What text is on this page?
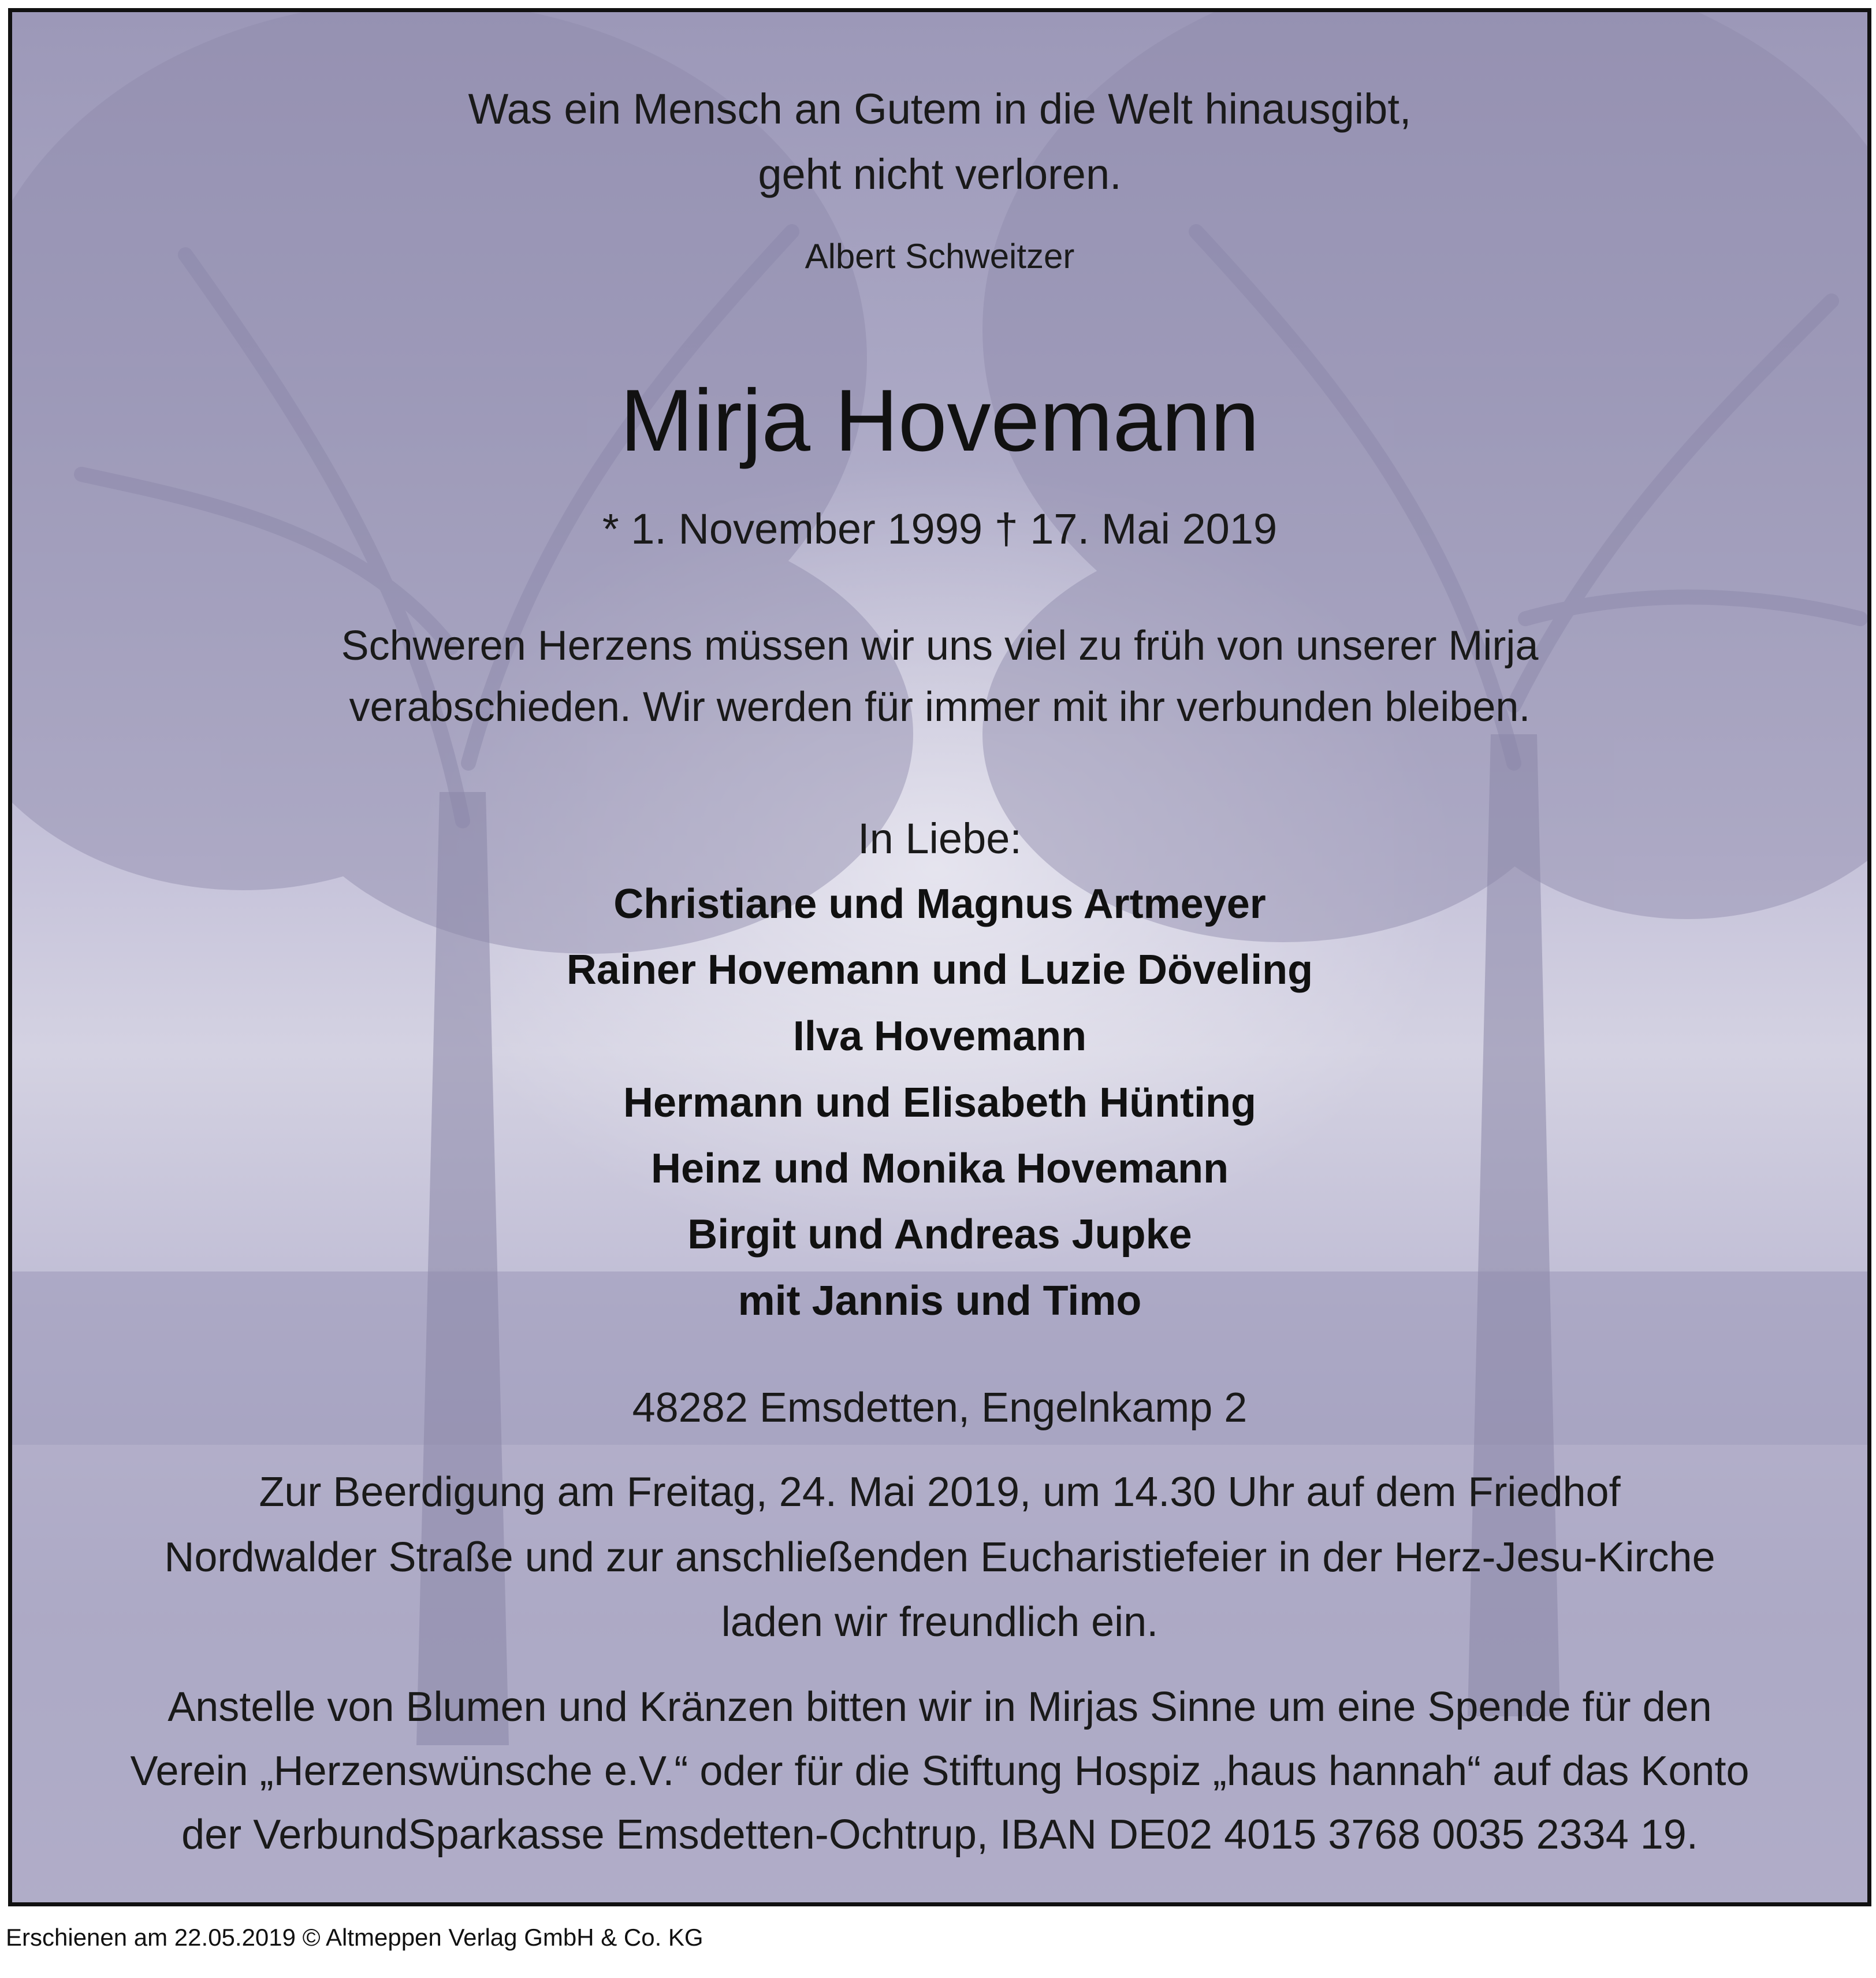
Was ein Mensch an Gutem in die Welt hinausgibt,
geht nicht verloren.
Albert Schweitzer
Mirja Hovemann
* 1. November 1999 † 17. Mai 2019
Schweren Herzens müssen wir uns viel zu früh von unserer Mirja
verabschieden. Wir werden für immer mit ihr verbunden bleiben.
In Liebe:
Christiane und Magnus Artmeyer
Rainer Hovemann und Luzie Döveling
Ilva Hovemann
Hermann und Elisabeth Hünting
Heinz und Monika Hovemann
Birgit und Andreas Jupke
mit Jannis und Timo
48282 Emsdetten, Engelnkamp 2
Zur Beerdigung am Freitag, 24. Mai 2019, um 14.30 Uhr auf dem Friedhof
Nordwalder Straße und zur anschließenden Eucharistiefeier in der Herz-Jesu-Kirche
laden wir freundlich ein.
Anstelle von Blumen und Kränzen bitten wir in Mirjas Sinne um eine Spende für den
Verein „Herzenswünsche e.V.“ oder für die Stiftung Hospiz „haus hannah“ auf das Konto
der VerbundSparkasse Emsdetten-Ochtrup, IBAN DE02 4015 3768 0035 2334 19.
Erschienen am 22.05.2019 © Altmeppen Verlag GmbH & Co. KG
